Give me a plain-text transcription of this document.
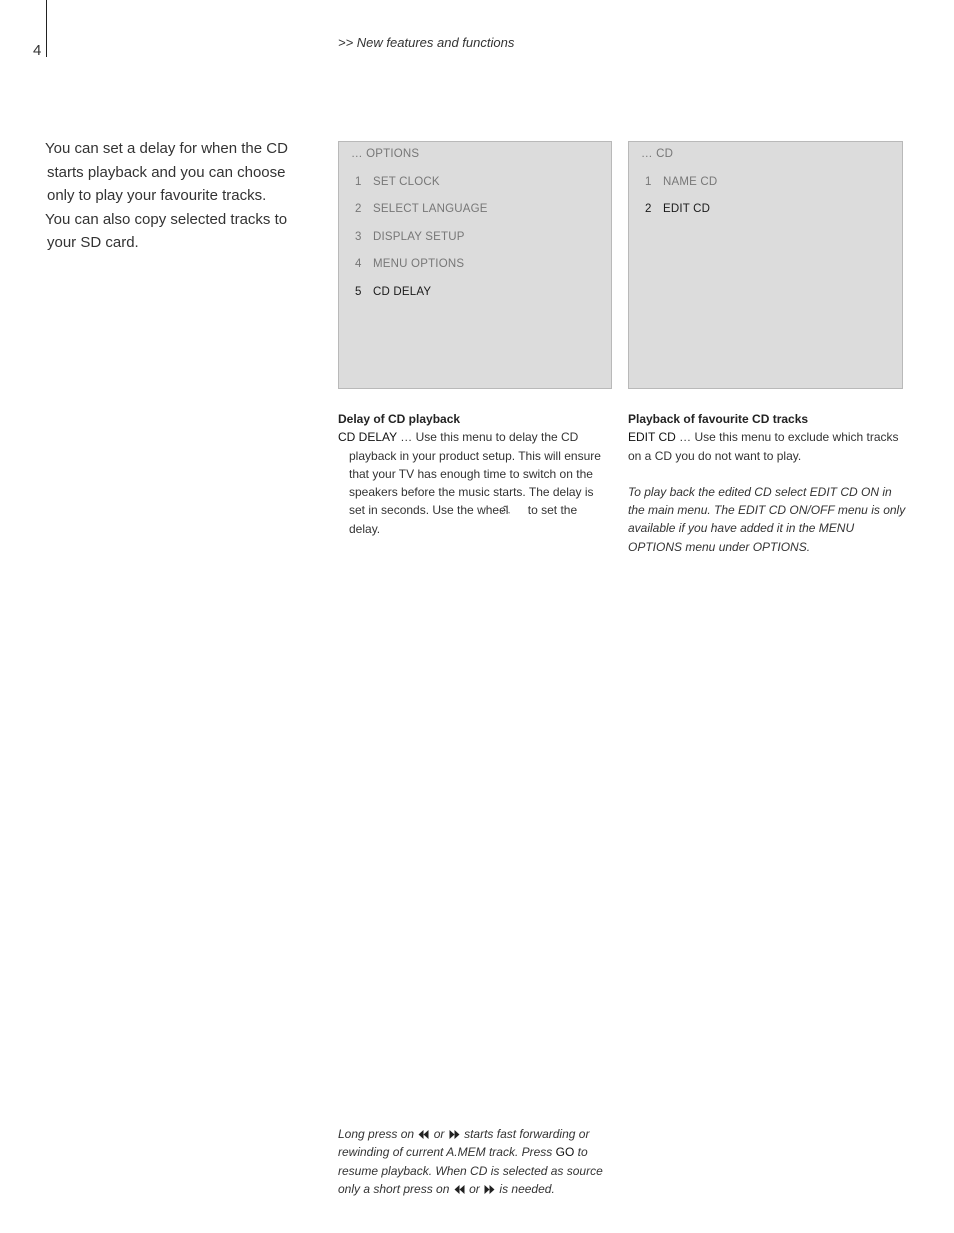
4	>> New features and functions
You can set a delay for when the CD
starts playback and you can choose
only to play your favourite tracks.
You can also copy selected tracks to
your SD card.
… OPTIONS
1 SET CLOCK
2 SELECT LANGUAGE
3 DISPLAY SETUP
4 MENU OPTIONS
5 CD DELAY
… CD
1 NAME CD
2 EDIT CD
Delay of CD playback

CD DELAY … Use this menu to delay the CD playback in your product setup. This will ensure that your TV has enough time to switch on the speakers before the music starts. The delay is set in seconds. Use the wheel to set the delay.

Playback of favourite CD tracks

EDIT CD … Use this menu to exclude which tracks on a CD you do not want to play.

To play back the edited CD select EDIT CD ON in the main menu. The EDIT CD ON/OFF menu is only available if you have added it in the MENU OPTIONS menu under OPTIONS.

Long press on  or  starts fast forwarding or rewinding of current A.MEM track. Press GO to resume playback. When CD is selected as source only a short press on  or  is needed.
